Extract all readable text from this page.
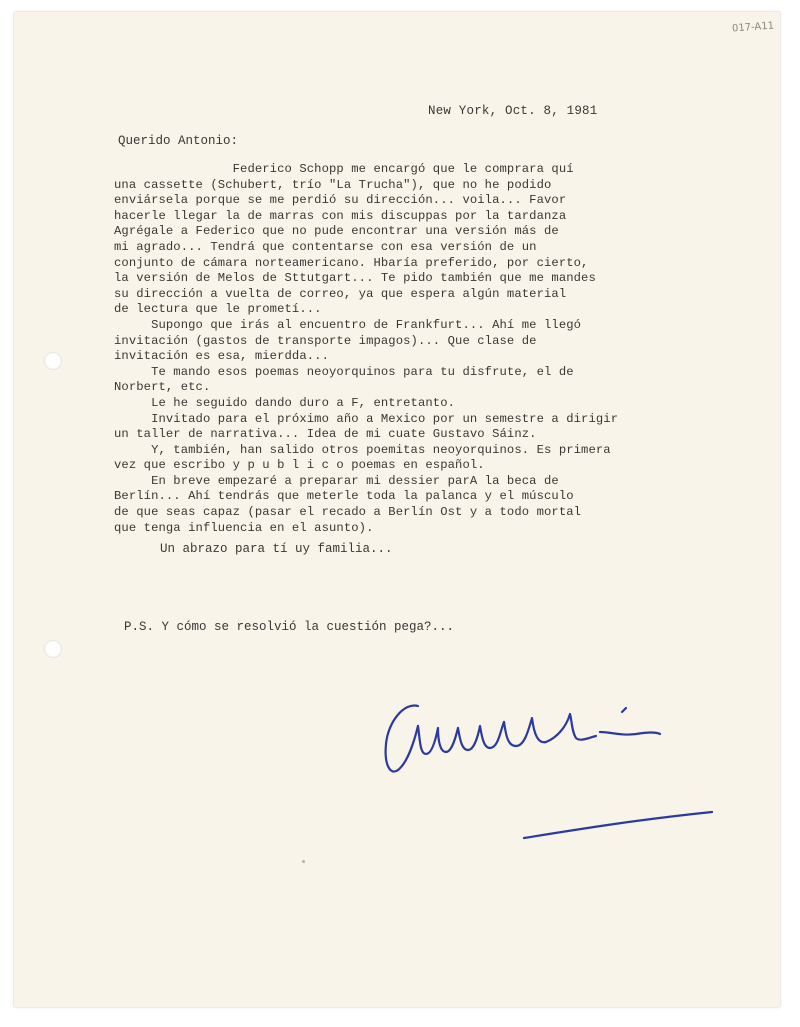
017-A11
New York, Oct. 8, 1981
Querido Antonio:
Federico Schopp me encargó que le comprara quí
una cassette (Schubert, trío "La Trucha"), que no he podido
enviársela porque se me perdió su dirección... voila... Favor
hacerle llegar la de marras con mis discuppas por la tardanza
Agrégale a Federico que no pude encontrar una versión más de
mi agrado... Tendrá que contentarse con esa versión de un
conjunto de cámara norteamericano. Hbaría preferido, por cierto,
la versión de Melos de Sttutgart... Te pido también que me mandes
su dirección a vuelta de correo, ya que espera algún material
de lectura que le prometí...
Supongo que irás al encuentro de Frankfurt... Ahí me llegó
invitación (gastos de transporte impagos)... Que clase de
invitación es esa, mierdda...
Te mando esos poemas neoyorquinos para tu disfrute, el de
Norbert, etc.
Le he seguido dando duro a F, entretanto.
Invitado para el próximo año a Mexico por un semestre a dirigir
un taller de narrativa... Idea de mi cuate Gustavo Sáinz.
Y, también, han salido otros poemitas neoyorquinos. Es primera
vez que escribo y p u b l i c o poemas en español.
En breve empezaré a preparar mi dessier parA la beca de
Berlín... Ahí tendrás que meterle toda la palanca y el músculo
de que seas capaz (pasar el recado a Berlín Ost y a todo mortal
que tenga influencia en el asunto).
Un abrazo para tí uy familia...
P.S. Y cómo se resolvió la cuestión pega?...
